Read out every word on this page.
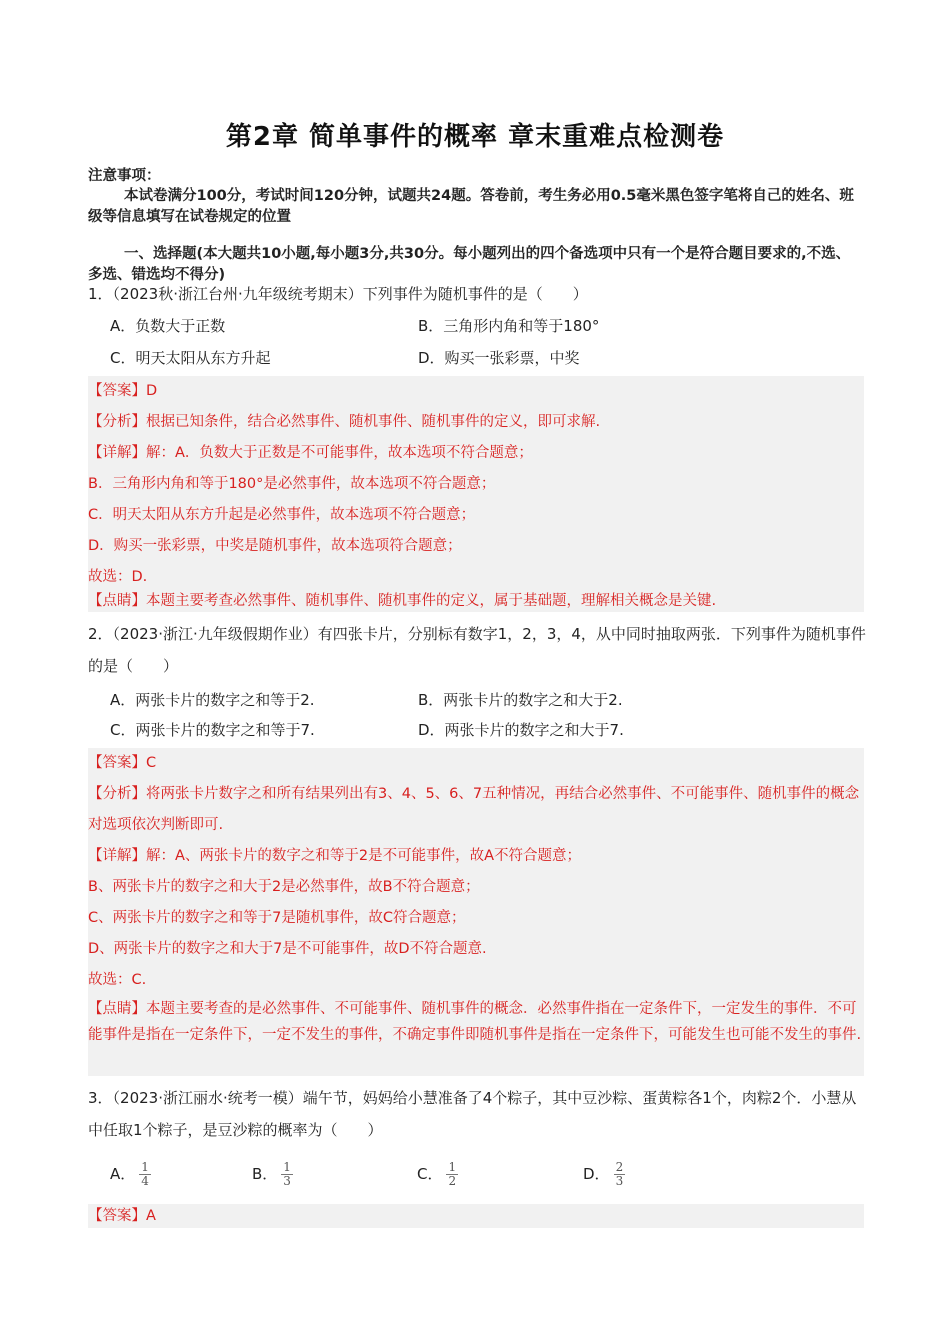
第2章 简单事件的概率 章末重难点检测卷
注意事项：
本试卷满分100分，考试时间120分钟，试题共24题。答卷前，考生务必用0.5毫米黑色签字笔将自己的姓名、班级等信息填写在试卷规定的位置
一、选择题(本大题共10小题,每小题3分,共30分。每小题列出的四个备选项中只有一个是符合题目要求的,不选、多选、错选均不得分)
1．（2023秋·浙江台州·九年级统考期末）下列事件为随机事件的是（　　）
A．负数大于正数	B．三角形内角和等于180°
C．明天太阳从东方升起	D．购买一张彩票，中奖
【答案】D
【分析】根据已知条件，结合必然事件、随机事件、随机事件的定义，即可求解.
【详解】解：A．负数大于正数是不可能事件，故本选项不符合题意；
B．三角形内角和等于180°是必然事件，故本选项不符合题意；
C．明天太阳从东方升起是必然事件，故本选项不符合题意；
D．购买一张彩票，中奖是随机事件，故本选项符合题意；
故选：D.
【点睛】本题主要考查必然事件、随机事件、随机事件的定义，属于基础题，理解相关概念是关键.
2．（2023·浙江·九年级假期作业）有四张卡片，分别标有数字1，2，3，4，从中同时抽取两张．下列事件为随机事件的是（　　）
A．两张卡片的数字之和等于2.	B．两张卡片的数字之和大于2.
C．两张卡片的数字之和等于7.	D．两张卡片的数字之和大于7.
【答案】C
【分析】将两张卡片数字之和所有结果列出有3、4、5、6、7五种情况，再结合必然事件、不可能事件、随机事件的概念对选项依次判断即可.
【详解】解：A、两张卡片的数字之和等于2是不可能事件，故A不符合题意；
B、两张卡片的数字之和大于2是必然事件，故B不符合题意；
C、两张卡片的数字之和等于7是随机事件，故C符合题意；
D、两张卡片的数字之和大于7是不可能事件，故D不符合题意.
故选：C.
【点睛】本题主要考查的是必然事件、不可能事件、随机事件的概念．必然事件指在一定条件下，一定发生的事件．不可能事件是指在一定条件下，一定不发生的事件，不确定事件即随机事件是指在一定条件下，可能发生也可能不发生的事件.
3．（2023·浙江丽水·统考一模）端午节，妈妈给小慧准备了4个粽子，其中豆沙粽、蛋黄粽各1个，肉粽2个．小慧从中任取1个粽子，是豆沙粽的概率为（　　）
A． $\frac{1}{4}$	B． $\frac{1}{3}$	C． $\frac{1}{2}$	D． $\frac{2}{3}$
【答案】A
